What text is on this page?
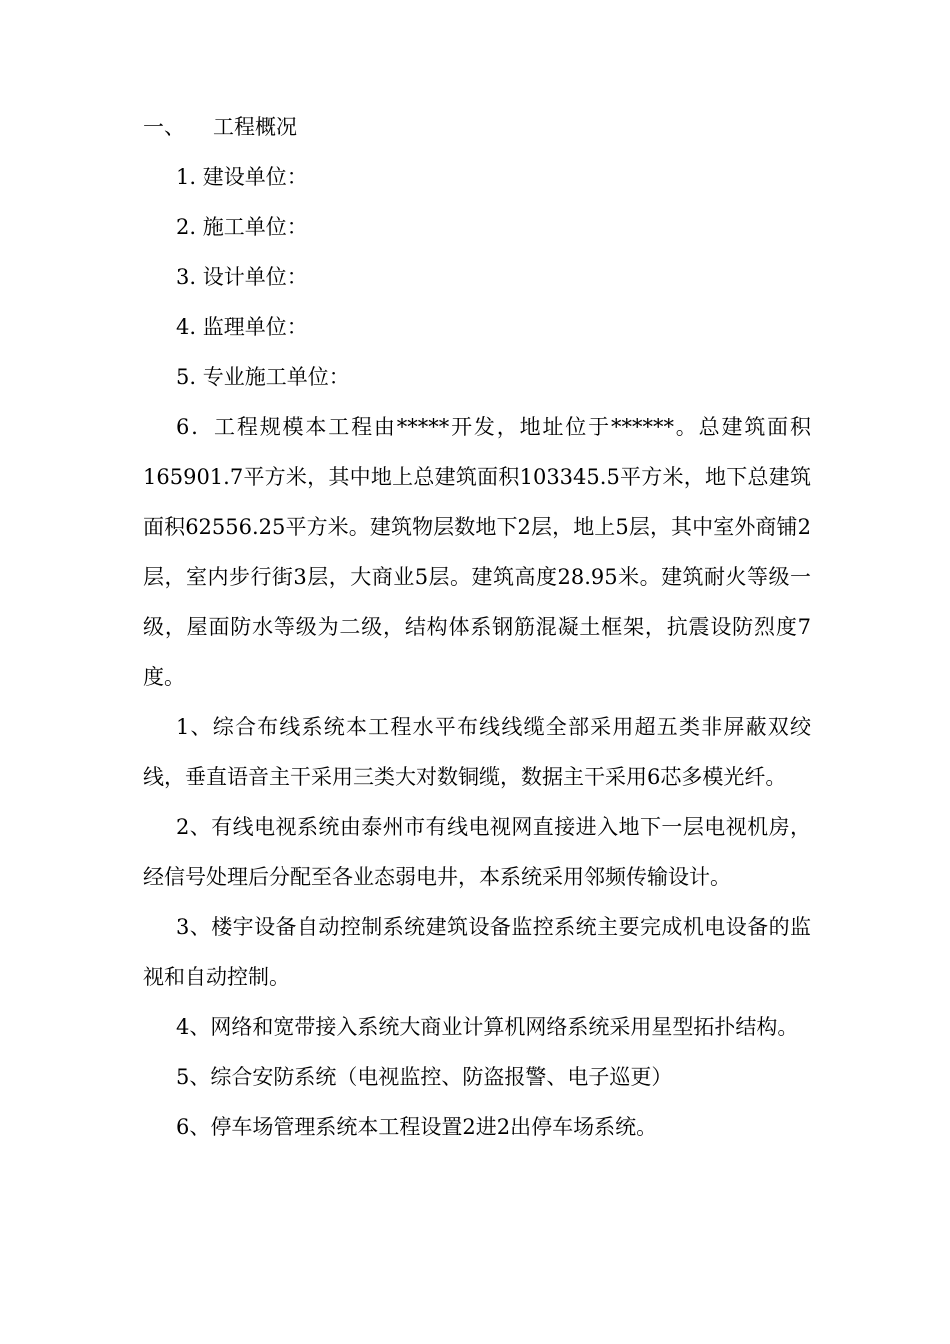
一、 工程概况
1. 建设单位：
2. 施工单位：
3. 设计单位：
4. 监理单位：
5. 专业施工单位：

6．工程规模本工程由*****开发，地址位于******。总建筑面积165901.7平方米，其中地上总建筑面积103345.5平方米，地下总建筑面积62556.25平方米。建筑物层数地下2层，地上5层，其中室外商铺2层，室内步行街3层，大商业5层。建筑高度28.95米。建筑耐火等级一级，屋面防水等级为二级，结构体系钢筋混凝土框架，抗震设防烈度7度。

1、综合布线系统本工程水平布线线缆全部采用超五类非屏蔽双绞线，垂直语音主干采用三类大对数铜缆，数据主干采用6芯多模光纤。

2、有线电视系统由泰州市有线电视网直接进入地下一层电视机房，经信号处理后分配至各业态弱电井，本系统采用邻频传输设计。

3、楼宇设备自动控制系统建筑设备监控系统主要完成机电设备的监视和自动控制。

4、网络和宽带接入系统大商业计算机网络系统采用星型拓扑结构。

5、综合安防系统（电视监控、防盗报警、电子巡更）

6、停车场管理系统本工程设置2进2出停车场系统。
